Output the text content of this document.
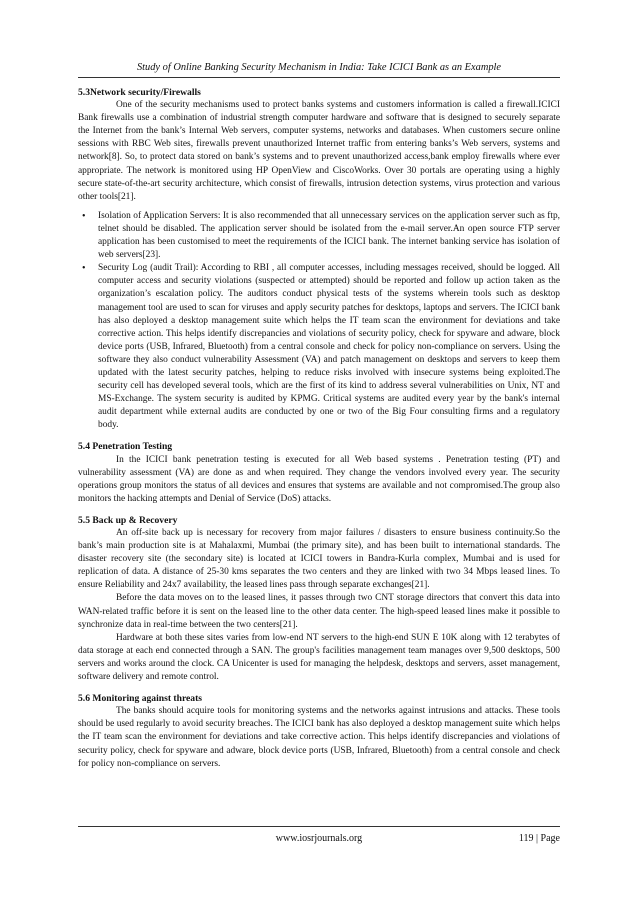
Study of Online Banking Security Mechanism in India: Take ICICI Bank as an Example
5.3Network security/Firewalls

One of the security mechanisms used to protect banks systems and customers information is called a firewall.ICICI Bank firewalls use a combination of industrial strength computer hardware and software that is designed to securely separate the Internet from the bank’s Internal Web servers, computer systems, networks and databases. When customers secure online sessions with RBC Web sites, firewalls prevent unauthorized Internet traffic from entering banks’s Web servers, systems and network[8]. So, to protect data stored on bank’s systems and to prevent unauthorized access,bank employ firewalls where ever appropriate. The network is monitored using HP OpenView and CiscoWorks. Over 30 portals are operating using a highly secure state-of-the-art security architecture, which consist of firewalls, intrusion detection systems, virus protection and various other tools[21].

• Isolation of Application Servers: It is also recommended that all unnecessary services on the application server such as ftp, telnet should be disabled. The application server should be isolated from the e-mail server.An open source FTP server application has been customised to meet the requirements of the ICICI bank. The internet banking service has isolation of web servers[23].
• Security Log (audit Trail): According to RBI , all computer accesses, including messages received, should be logged. All computer access and security violations (suspected or attempted) should be reported and follow up action taken as the organization’s escalation policy. The auditors conduct physical tests of the systems wherein tools such as desktop management tool are used to scan for viruses and apply security patches for desktops, laptops and servers. The ICICI bank has also deployed a desktop management suite which helps the IT team scan the environment for deviations and take corrective action. This helps identify discrepancies and violations of security policy, check for spyware and adware, block device ports (USB, Infrared, Bluetooth) from a central console and check for policy non-compliance on servers. Using the software they also conduct vulnerability Assessment (VA) and patch management on desktops and servers to keep them updated with the latest security patches, helping to reduce risks involved with insecure systems being exploited.The security cell has developed several tools, which are the first of its kind to address several vulnerabilities on Unix, NT and MS-Exchange. The system security is audited by KPMG. Critical systems are audited every year by the bank's internal audit department while external audits are conducted by one or two of the Big Four consulting firms and a regulatory body.
5.4 Penetration Testing

In the ICICI bank penetration testing is executed for all Web based systems . Penetration testing (PT) and vulnerability assessment (VA) are done as and when required. They change the vendors involved every year. The security operations group monitors the status of all devices and ensures that systems are available and not compromised.The group also monitors the hacking attempts and Denial of Service (DoS) attacks.

5.5 Back up & Recovery

An off-site back up is necessary for recovery from major failures / disasters to ensure business continuity.So the bank’s main production site is at Mahalaxmi, Mumbai (the primary site), and has been built to international standards. The disaster recovery site (the secondary site) is located at ICICI towers in Bandra-Kurla complex, Mumbai and is used for replication of data. A distance of 25-30 kms separates the two centers and they are linked with two 34 Mbps leased lines. To ensure Reliability and 24x7 availability, the leased lines pass through separate exchanges[21].

Before the data moves on to the leased lines, it passes through two CNT storage directors that convert this data into WAN-related traffic before it is sent on the leased line to the other data center. The high-speed leased lines make it possible to synchronize data in real-time between the two centers[21].

Hardware at both these sites varies from low-end NT servers to the high-end SUN E 10K along with 12 terabytes of data storage at each end connected through a SAN. The group's facilities management team manages over 9,500 desktops, 500 servers and works around the clock. CA Unicenter is used for managing the helpdesk, desktops and servers, asset management, software delivery and remote control.

5.6 Monitoring against threats

The banks should acquire tools for monitoring systems and the networks against intrusions and attacks. These tools should be used regularly to avoid security breaches. The ICICI bank has also deployed a desktop management suite which helps the IT team scan the environment for deviations and take corrective action. This helps identify discrepancies and violations of security policy, check for spyware and adware, block device ports (USB, Infrared, Bluetooth) from a central console and check for policy non-compliance on servers.

www.iosrjournals.org	119 | Page
